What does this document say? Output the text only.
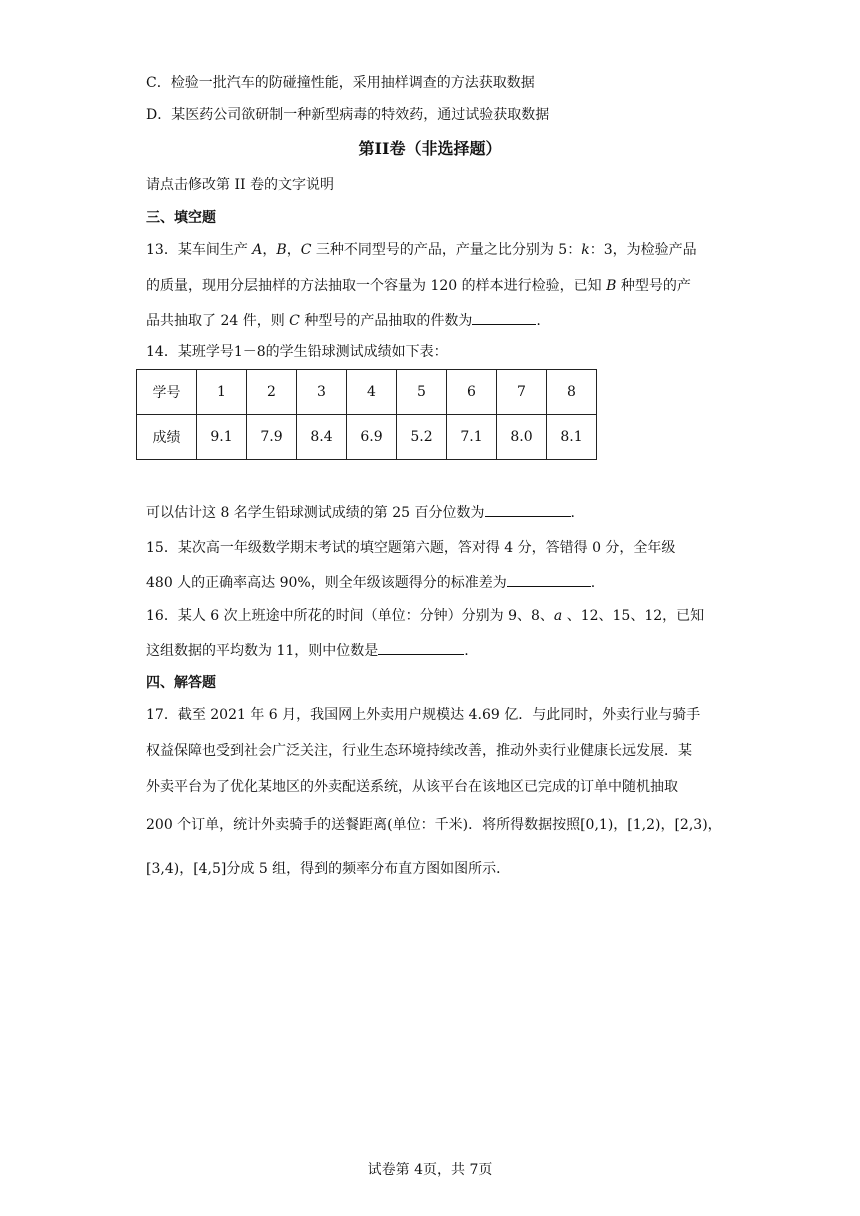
C．检验一批汽车的防碰撞性能，采用抽样调查的方法获取数据
D．某医药公司欲研制一种新型病毒的特效药，通过试验获取数据
第II卷（非选择题）
请点击修改第 II 卷的文字说明
三、填空题
13．某车间生产 A，B，C 三种不同型号的产品，产量之比分别为 5：k：3，为检验产品
的质量，现用分层抽样的方法抽取一个容量为 120 的样本进行检验，已知 B 种型号的产
品共抽取了 24 件，则 C 种型号的产品抽取的件数为	.
14．某班学号1－8的学生铅球测试成绩如下表：
学号	1	2	3	4	5	6	7	8
成绩	9.1	7.9	8.4	6.9	5.2	7.1	8.0	8.1
可以估计这 8 名学生铅球测试成绩的第 25 百分位数为	.
15．某次高一年级数学期末考试的填空题第六题，答对得 4 分，答错得 0 分，全年级
480 人的正确率高达 90%，则全年级该题得分的标准差为	.
16．某人 6 次上班途中所花的时间（单位：分钟）分别为 9、8、a 、12、15、12，已知
这组数据的平均数为 11，则中位数是	.
四、解答题
17．截至 2021 年 6 月，我国网上外卖用户规模达 4.69 亿．与此同时，外卖行业与骑手
权益保障也受到社会广泛关注，行业生态环境持续改善，推动外卖行业健康长远发展．某
外卖平台为了优化某地区的外卖配送系统，从该平台在该地区已完成的订单中随机抽取
200 个订单，统计外卖骑手的送餐距离(单位：千米)．将所得数据按照[0,1)，[1,2)，[2,3)，
[3,4)，[4,5]分成 5 组，得到的频率分布直方图如图所示．
试卷第 4页，共 7页
